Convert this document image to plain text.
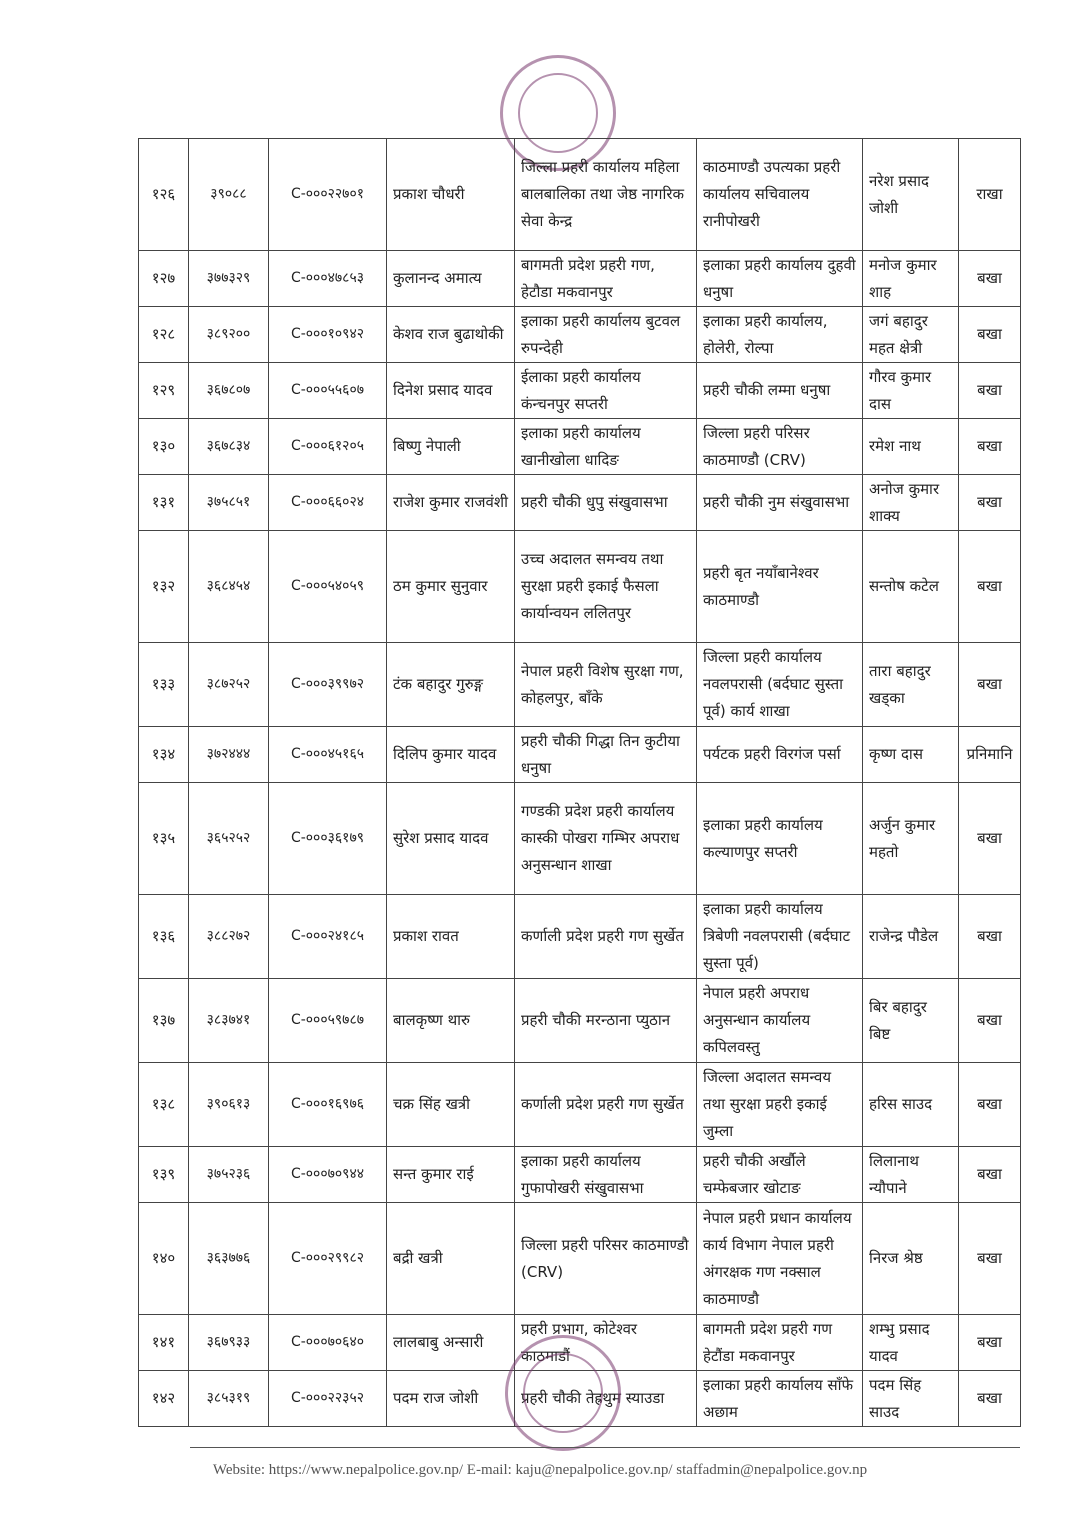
१२६	३९०८८	C-०००२२७०१	प्रकाश चौधरी	जिल्ला प्रहरी कार्यालय महिला बालबालिका तथा जेष्ठ नागरिक सेवा केन्द्र	काठमाण्डौ उपत्यका प्रहरी कार्यालय सचिवालय रानीपोखरी	नरेश प्रसाद जोशी	राखा
१२७	३७७३२९	C-०००४७८५३	कुलानन्द अमात्य	बागमती प्रदेश प्रहरी गण, हेटौडा मकवानपुर	इलाका प्रहरी कार्यालय दुहवी धनुषा	मनोज कुमार शाह	बखा
१२८	३८९२००	C-०००१०९४२	केशव राज बुढाथोकी	इलाका प्रहरी कार्यालय बुटवल रुपन्देही	इलाका प्रहरी कार्यालय, होलेरी, रोल्पा	जगं बहादुर महत क्षेत्री	बखा
१२९	३६७८०७	C-०००५५६०७	दिनेश प्रसाद यादव	ईलाका प्रहरी कार्यालय कंन्चनपुर सप्तरी	प्रहरी चौकी लम्मा धनुषा	गौरव कुमार दास	बखा
१३०	३६७८३४	C-०००६१२०५	बिष्णु नेपाली	इलाका प्रहरी कार्यालय खानीखोला धादिङ	जिल्ला प्रहरी परिसर काठमाण्डौ (CRV)	रमेश नाथ	बखा
१३१	३७५८५१	C-०००६६०२४	राजेश कुमार राजवंशी	प्रहरी चौकी धुपु संखुवासभा	प्रहरी चौकी नुम संखुवासभा	अनोज कुमार शाक्य	बखा
१३२	३६८४५४	C-०००५४०५९	ठम कुमार सुनुवार	उच्च अदालत समन्वय तथा सुरक्षा प्रहरी इकाई फैसला कार्यान्वयन ललितपुर	प्रहरी बृत नयाँबानेश्वर काठमाण्डौ	सन्तोष कटेल	बखा
१३३	३८७२५२	C-०००३९९७२	टंक बहादुर गुरुङ्ग	नेपाल प्रहरी विशेष सुरक्षा गण, कोहलपुर, बाँके	जिल्ला प्रहरी कार्यालय नवलपरासी (बर्दघाट सुस्ता पूर्व) कार्य शाखा	तारा बहादुर खड्का	बखा
१३४	३७२४४४	C-०००४५१६५	दिलिप कुमार यादव	प्रहरी चौकी गिद्धा तिन कुटीया धनुषा	पर्यटक प्रहरी विरगंज पर्सा	कृष्ण दास	प्रनिमानि
१३५	३६५२५२	C-०००३६१७९	सुरेश प्रसाद यादव	गण्डकी प्रदेश प्रहरी कार्यालय कास्की पोखरा गम्भिर अपराध अनुसन्धान शाखा	इलाका प्रहरी कार्यालय कल्याणपुर सप्तरी	अर्जुन कुमार महतो	बखा
१३६	३८८२७२	C-०००२४१८५	प्रकाश रावत	कर्णाली प्रदेश प्रहरी गण सुर्खेत	इलाका प्रहरी कार्यालय त्रिबेणी नवलपरासी (बर्दघाट सुस्ता पूर्व)	राजेन्द्र पौडेल	बखा
१३७	३८३७४१	C-०००५९७८७	बालकृष्ण थारु	प्रहरी चौकी मरन्ठाना प्युठान	नेपाल प्रहरी अपराध अनुसन्धान कार्यालय कपिलवस्तु	बिर बहादुर बिष्ट	बखा
१३८	३९०६१३	C-०००१६९७६	चक्र सिंह खत्री	कर्णाली प्रदेश प्रहरी गण सुर्खेत	जिल्ला अदालत समन्वय तथा सुरक्षा प्रहरी इकाई जुम्ला	हरिस साउद	बखा
१३९	३७५२३६	C-०००७०९४४	सन्त कुमार राई	इलाका प्रहरी कार्यालय गुफापोखरी संखुवासभा	प्रहरी चौकी अर्खौले चम्फेबजार खोटाङ	लिलानाथ न्यौपाने	बखा
१४०	३६३७७६	C-०००२९९८२	बद्री खत्री	जिल्ला प्रहरी परिसर काठमाण्डौ (CRV)	नेपाल प्रहरी प्रधान कार्यालय कार्य विभाग नेपाल प्रहरी अंगरक्षक गण नक्साल काठमाण्डौ	निरज श्रेष्ठ	बखा
१४१	३६७९३३	C-०००७०६४०	लालबाबु अन्सारी	प्रहरी प्रभाग, कोटेश्वर काठमाडौं	बागमती प्रदेश प्रहरी गण हेटौंडा मकवानपुर	शम्भु प्रसाद यादव	बखा
१४२	३८५३१९	C-०००२२३५२	पदम राज जोशी	प्रहरी चौकी तेह्रथुम स्याउडा	इलाका प्रहरी कार्यालय साँफे अछाम	पदम सिंह साउद	बखा
Website: https://www.nepalpolice.gov.np/ E-mail: kaju@nepalpolice.gov.np/ staffadmin@nepalpolice.gov.np
